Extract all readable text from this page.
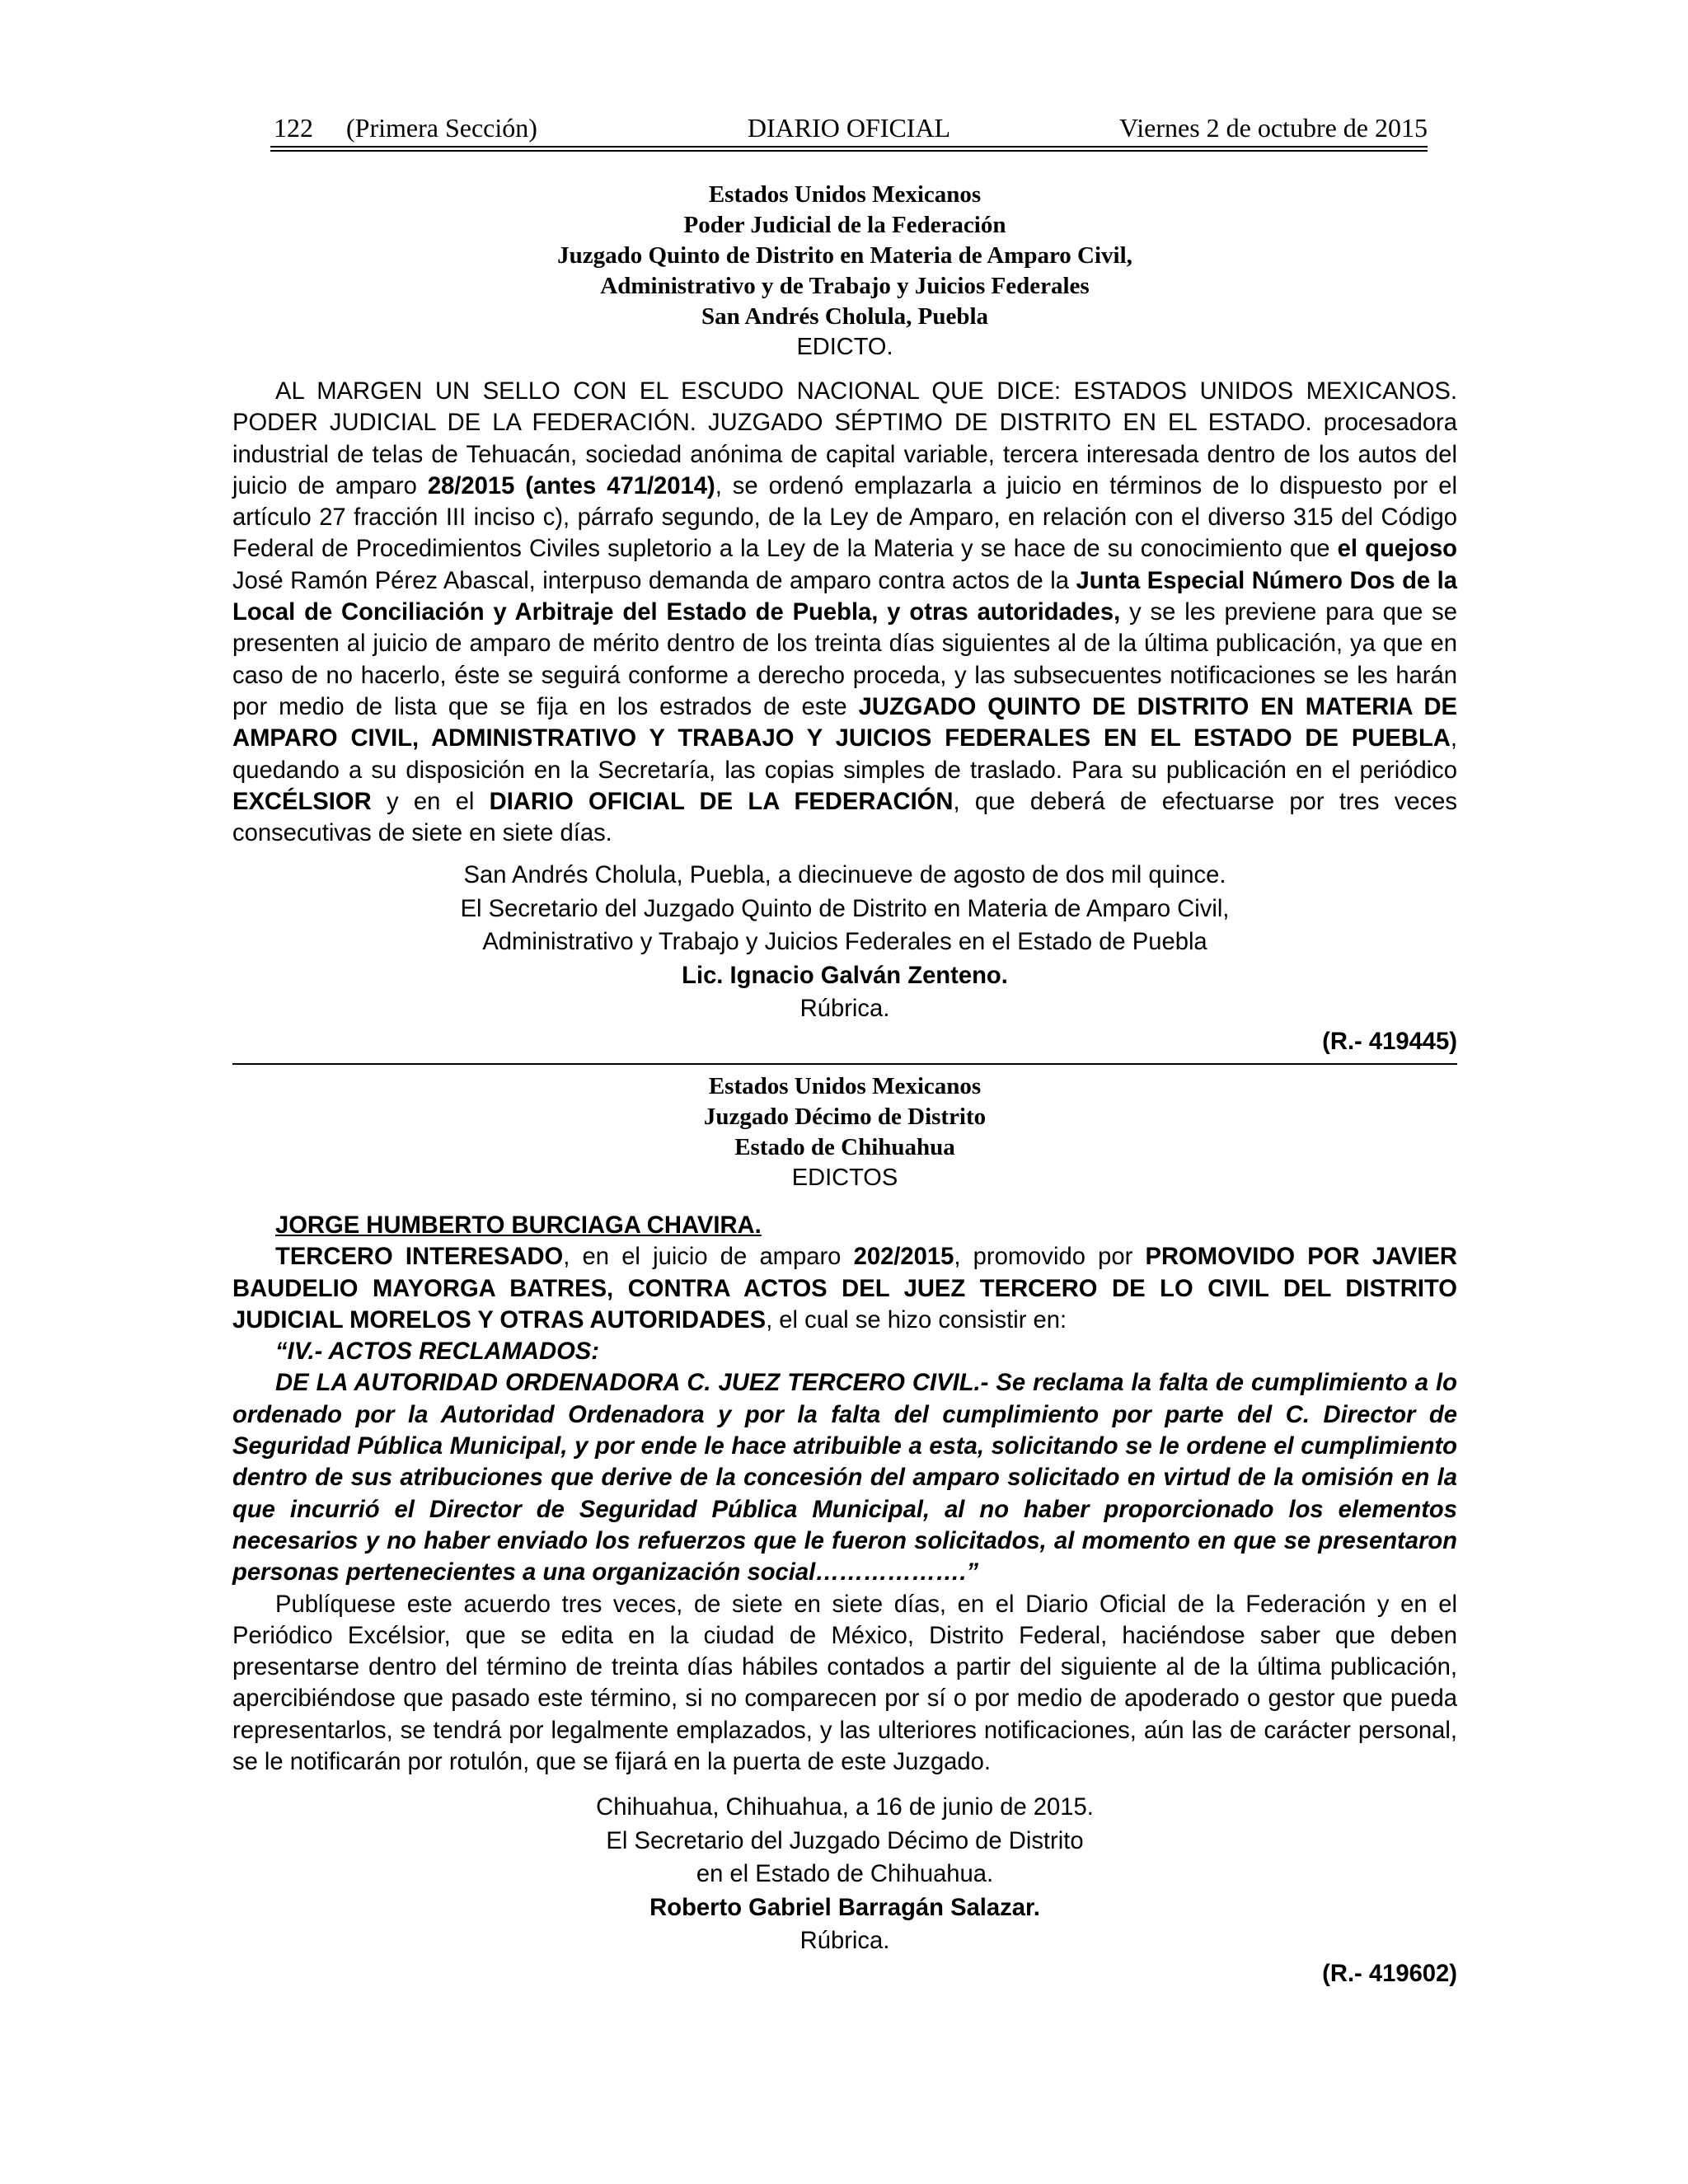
122     (Primera Sección)	DIARIO OFICIAL	Viernes 2 de octubre de 2015
Estados Unidos Mexicanos
Poder Judicial de la Federación
Juzgado Quinto de Distrito en Materia de Amparo Civil,
Administrativo y de Trabajo y Juicios Federales
San Andrés Cholula, Puebla
EDICTO.

AL MARGEN UN SELLO CON EL ESCUDO NACIONAL QUE DICE: ESTADOS UNIDOS MEXICANOS. PODER JUDICIAL DE LA FEDERACIÓN. JUZGADO SÉPTIMO DE DISTRITO EN EL ESTADO. procesadora industrial de telas de Tehuacán, sociedad anónima de capital variable, tercera interesada dentro de los autos del juicio de amparo 28/2015 (antes 471/2014), se ordenó emplazarla a juicio en términos de lo dispuesto por el artículo 27 fracción III inciso c), párrafo segundo, de la Ley de Amparo, en relación con el diverso 315 del Código Federal de Procedimientos Civiles supletorio a la Ley de la Materia y se hace de su conocimiento que el quejoso José Ramón Pérez Abascal, interpuso demanda de amparo contra actos de la Junta Especial Número Dos de la Local de Conciliación y Arbitraje del Estado de Puebla, y otras autoridades, y se les previene para que se presenten al juicio de amparo de mérito dentro de los treinta días siguientes al de la última publicación, ya que en caso de no hacerlo, éste se seguirá conforme a derecho proceda, y las subsecuentes notificaciones se les harán por medio de lista que se fija en los estrados de este JUZGADO QUINTO DE DISTRITO EN MATERIA DE AMPARO CIVIL, ADMINISTRATIVO Y TRABAJO Y JUICIOS FEDERALES EN EL ESTADO DE PUEBLA, quedando a su disposición en la Secretaría, las copias simples de traslado. Para su publicación en el periódico EXCÉLSIOR y en el DIARIO OFICIAL DE LA FEDERACIÓN, que deberá de efectuarse por tres veces consecutivas de siete en siete días.

San Andrés Cholula, Puebla, a diecinueve de agosto de dos mil quince.
El Secretario del Juzgado Quinto de Distrito en Materia de Amparo Civil,
Administrativo y Trabajo y Juicios Federales en el Estado de Puebla
Lic. Ignacio Galván Zenteno.
Rúbrica.
(R.- 419445)
Estados Unidos Mexicanos
Juzgado Décimo de Distrito
Estado de Chihuahua
EDICTOS

JORGE HUMBERTO BURCIAGA CHAVIRA.

TERCERO INTERESADO, en el juicio de amparo 202/2015, promovido por PROMOVIDO POR JAVIER BAUDELIO MAYORGA BATRES, CONTRA ACTOS DEL JUEZ TERCERO DE LO CIVIL DEL DISTRITO JUDICIAL MORELOS Y OTRAS AUTORIDADES, el cual se hizo consistir en:

“IV.- ACTOS RECLAMADOS:

DE LA AUTORIDAD ORDENADORA C. JUEZ TERCERO CIVIL.- Se reclama la falta de cumplimiento a lo ordenado por la Autoridad Ordenadora y por la falta del cumplimiento por parte del C. Director de Seguridad Pública Municipal, y por ende le hace atribuible a esta, solicitando se le ordene el cumplimiento dentro de sus atribuciones que derive de la concesión del amparo solicitado en virtud de la omisión en la que incurrió el Director de Seguridad Pública Municipal, al no haber proporcionado los elementos necesarios y no haber enviado los refuerzos que le fueron solicitados, al momento en que se presentaron personas pertenecientes a una organización social……………….”

Publíquese este acuerdo tres veces, de siete en siete días, en el Diario Oficial de la Federación y en el Periódico Excélsior, que se edita en la ciudad de México, Distrito Federal, haciéndose saber que deben presentarse dentro del término de treinta días hábiles contados a partir del siguiente al de la última publicación, apercibiéndose que pasado este término, si no comparecen por sí o por medio de apoderado o gestor que pueda representarlos, se tendrá por legalmente emplazados, y las ulteriores notificaciones, aún las de carácter personal, se le notificarán por rotulón, que se fijará en la puerta de este Juzgado.

Chihuahua, Chihuahua, a 16 de junio de 2015.
El Secretario del Juzgado Décimo de Distrito
en el Estado de Chihuahua.
Roberto Gabriel Barragán Salazar.
Rúbrica.
(R.- 419602)
